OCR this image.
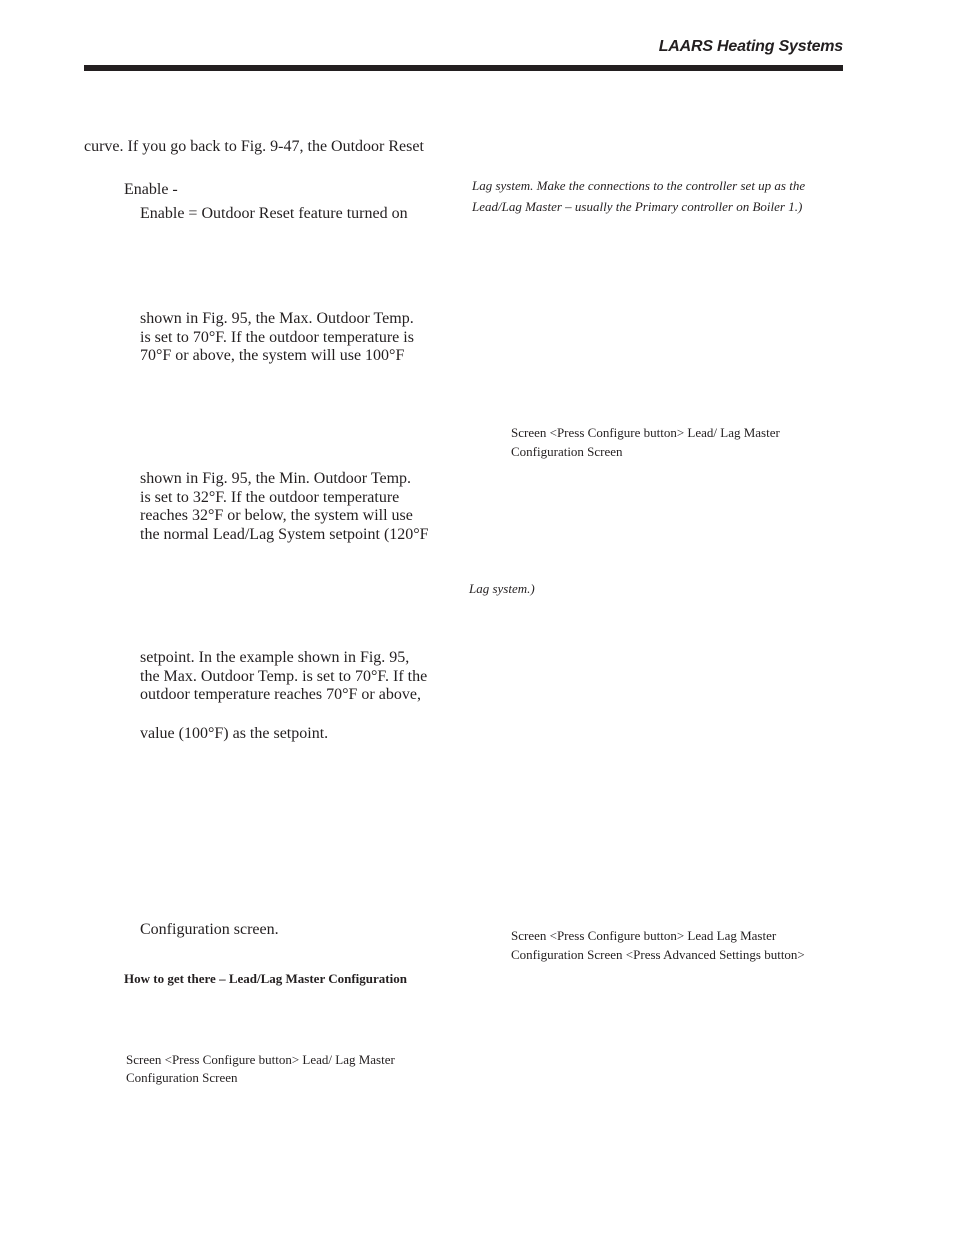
LAARS Heating Systems
curve. If you go back to Fig. 9-47, the Outdoor Reset
Enable -
Enable = Outdoor Reset feature turned on
shown in Fig. 95, the Max. Outdoor Temp.
is set to 70°F. If the outdoor temperature is
70°F or above, the system will use 100°F
shown in Fig. 95, the Min. Outdoor Temp.
is set to 32°F. If the outdoor temperature
reaches 32°F or below, the system will use
the normal Lead/Lag System setpoint (120°F
setpoint. In the example shown in Fig. 95,
the Max. Outdoor Temp. is set to 70°F. If the
outdoor temperature reaches 70°F or above,
value (100°F) as the setpoint.
Configuration screen.
How to get there – Lead/Lag Master Configuration
Screen <Press Configure button> Lead/ Lag Master
Configuration Screen
Lag system. Make the connections to the controller set up as the
Lead/Lag Master – usually the Primary controller on Boiler 1.)
Screen <Press Configure button> Lead/ Lag Master
Configuration Screen
Lag system.)
Screen <Press Configure button> Lead Lag Master
Configuration Screen <Press Advanced Settings button>
